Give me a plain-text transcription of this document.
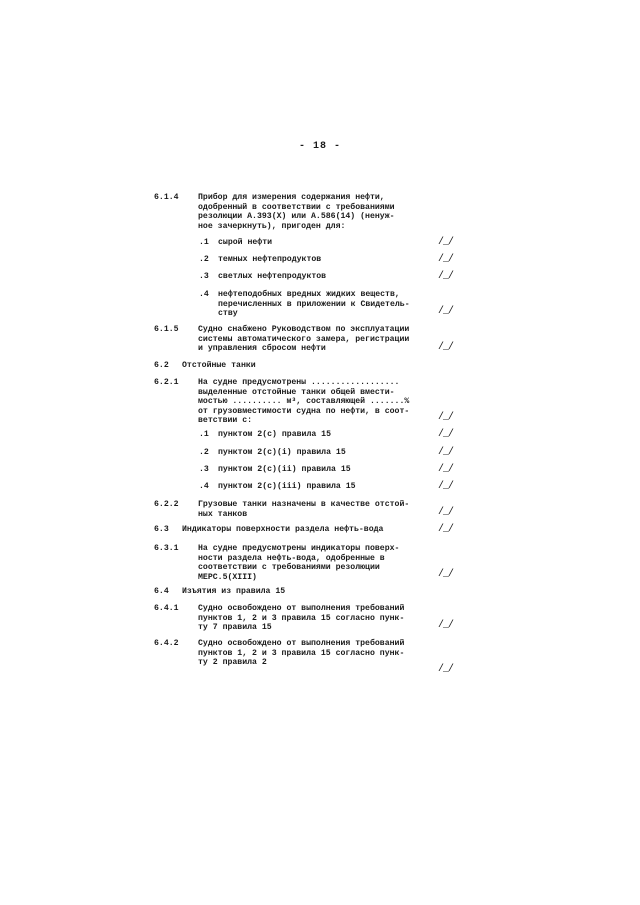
- 18 -
6.1.4 Прибор для измерения содержания нефти,
одобренный в соответствии с требованиями
резолюции A.393(X) или A.586(14) (ненуж-
ное зачеркнуть), пригоден для:
.1 сырой нефти	/_/
.2 темных нефтепродуктов	/_/
.3 светлых нефтепродуктов	/_/
.4 нефтеподобных вредных жидких веществ,
перечисленных в приложении к Свидетель-
ству	/_/
6.1.5 Судно снабжено Руководством по эксплуатации
системы автоматического замера, регистрации
и управления сбросом нефти	/_/
6.2 Отстойные танки
6.2.1 На судне предусмотрены ..................
выделенные отстойные танки общей вмести-
мостью .......... м³, составляющей .......%
от грузовместимости судна по нефти, в соот-
ветствии с:	/_/
.1 пунктом 2(c) правила 15	/_/
.2 пунктом 2(c)(i) правила 15	/_/
.3 пунктом 2(c)(ii) правила 15	/_/
.4 пунктом 2(c)(iii) правила 15	/_/
6.2.2 Грузовые танки назначены в качестве отстой-
ных танков	/_/
6.3 Индикаторы поверхности раздела нефть-вода	/_/
6.3.1 На судне предусмотрены индикаторы поверх-
ности раздела нефть-вода, одобренные в
соответствии с требованиями резолюции
MEPC.5(XIII)	/_/
6.4 Изъятия из правила 15
6.4.1 Судно освобождено от выполнения требований
пунктов 1, 2 и 3 правила 15 согласно пунк-
ту 7 правила 15	/_/
6.4.2 Судно освобождено от выполнения требований
пунктов 1, 2 и 3 правила 15 согласно пунк-
ту 2 правила 2
/_/
